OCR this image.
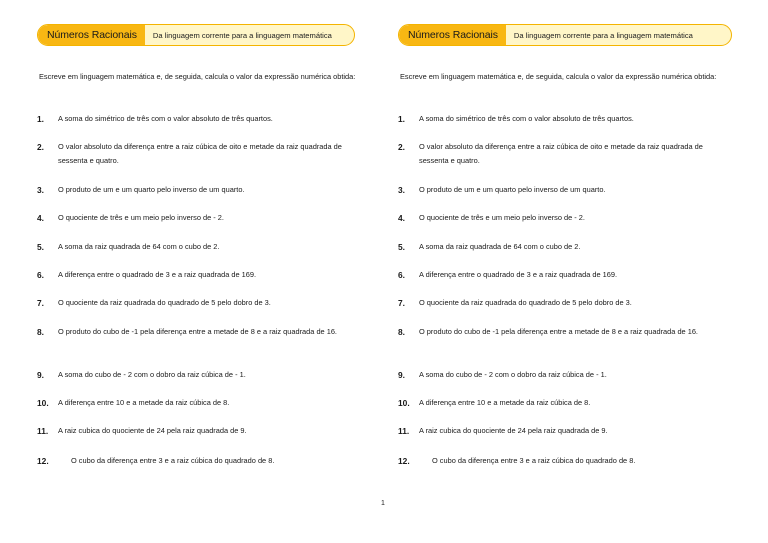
Números Racionais	Da linguagem corrente para a linguagem matemática
Escreve em linguagem matemática e, de seguida, calcula o valor da expressão numérica obtida:
1. A soma do simétrico de três com o valor absoluto de três quartos.
2. O valor absoluto da diferença entre a raiz cúbica de oito e metade da raiz quadrada de sessenta e quatro.
3. O produto de um e um quarto pelo inverso de um quarto.
4. O quociente de três e um meio pelo inverso de - 2.
5. A soma da raiz quadrada de 64 com o cubo de 2.
6. A diferença entre o quadrado de 3 e a raiz quadrada de 169.
7. O quociente da raiz quadrada do quadrado de 5 pelo dobro de 3.
8. O produto do cubo de -1 pela diferença entre a metade de 8 e a raiz quadrada de 16.
9. A soma do cubo de - 2 com o dobro da raiz cúbica de - 1.
10. A diferença entre 10 e a metade da raiz cúbica de 8.
11. A raiz cubica do quociente de 24 pela raiz quadrada de 9.
12.	O cubo da diferença entre 3 e a raiz cúbica do quadrado de 8.
Números Racionais	Da linguagem corrente para a linguagem matemática
Escreve em linguagem matemática e, de seguida, calcula o valor da expressão numérica obtida:
1. A soma do simétrico de três com o valor absoluto de três quartos.
2. O valor absoluto da diferença entre a raiz cúbica de oito e metade da raiz quadrada de sessenta e quatro.
3. O produto de um e um quarto pelo inverso de um quarto.
4. O quociente de três e um meio pelo inverso de - 2.
5. A soma da raiz quadrada de 64 com o cubo de 2.
6. A diferença entre o quadrado de 3 e a raiz quadrada de 169.
7. O quociente da raiz quadrada do quadrado de 5 pelo dobro de 3.
8. O produto do cubo de -1 pela diferença entre a metade de 8 e a raiz quadrada de 16.
9. A soma do cubo de - 2 com o dobro da raiz cúbica de - 1.
10. A diferença entre 10 e a metade da raiz cúbica de 8.
11. A raiz cubica do quociente de 24 pela raiz quadrada de 9.
12.	O cubo da diferença entre 3 e a raiz cúbica do quadrado de 8.
1
